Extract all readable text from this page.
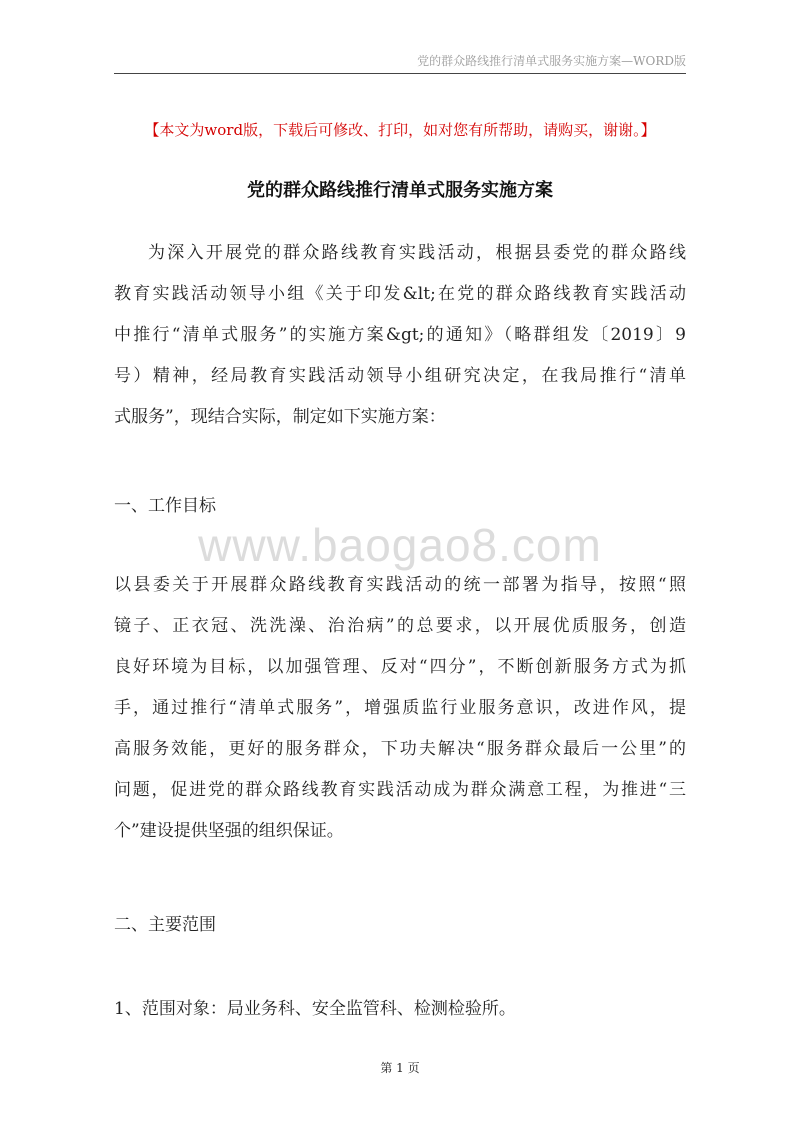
党的群众路线推行清单式服务实施方案—WORD版
【本文为word版，下载后可修改、打印，如对您有所帮助，请购买，谢谢。】
党的群众路线推行清单式服务实施方案
为深入开展党的群众路线教育实践活动，根据县委党的群众路线
教育实践活动领导小组《关于印发&lt;在党的群众路线教育实践活动
中推行“清单式服务”的实施方案&gt;的通知》（略群组发〔2019〕9
号）精神，经局教育实践活动领导小组研究决定，在我局推行“清单
式服务”，现结合实际，制定如下实施方案：
一、工作目标
www.baogao8.com
以县委关于开展群众路线教育实践活动的统一部署为指导，按照“照
镜子、正衣冠、洗洗澡、治治病”的总要求，以开展优质服务，创造
良好环境为目标，以加强管理、反对“四分”，不断创新服务方式为抓
手，通过推行“清单式服务”，增强质监行业服务意识，改进作风，提
高服务效能，更好的服务群众，下功夫解决“服务群众最后一公里”的
问题，促进党的群众路线教育实践活动成为群众满意工程，为推进“三
个”建设提供坚强的组织保证。
二、主要范围
1、范围对象：局业务科、安全监管科、检测检验所。
第 1 页
